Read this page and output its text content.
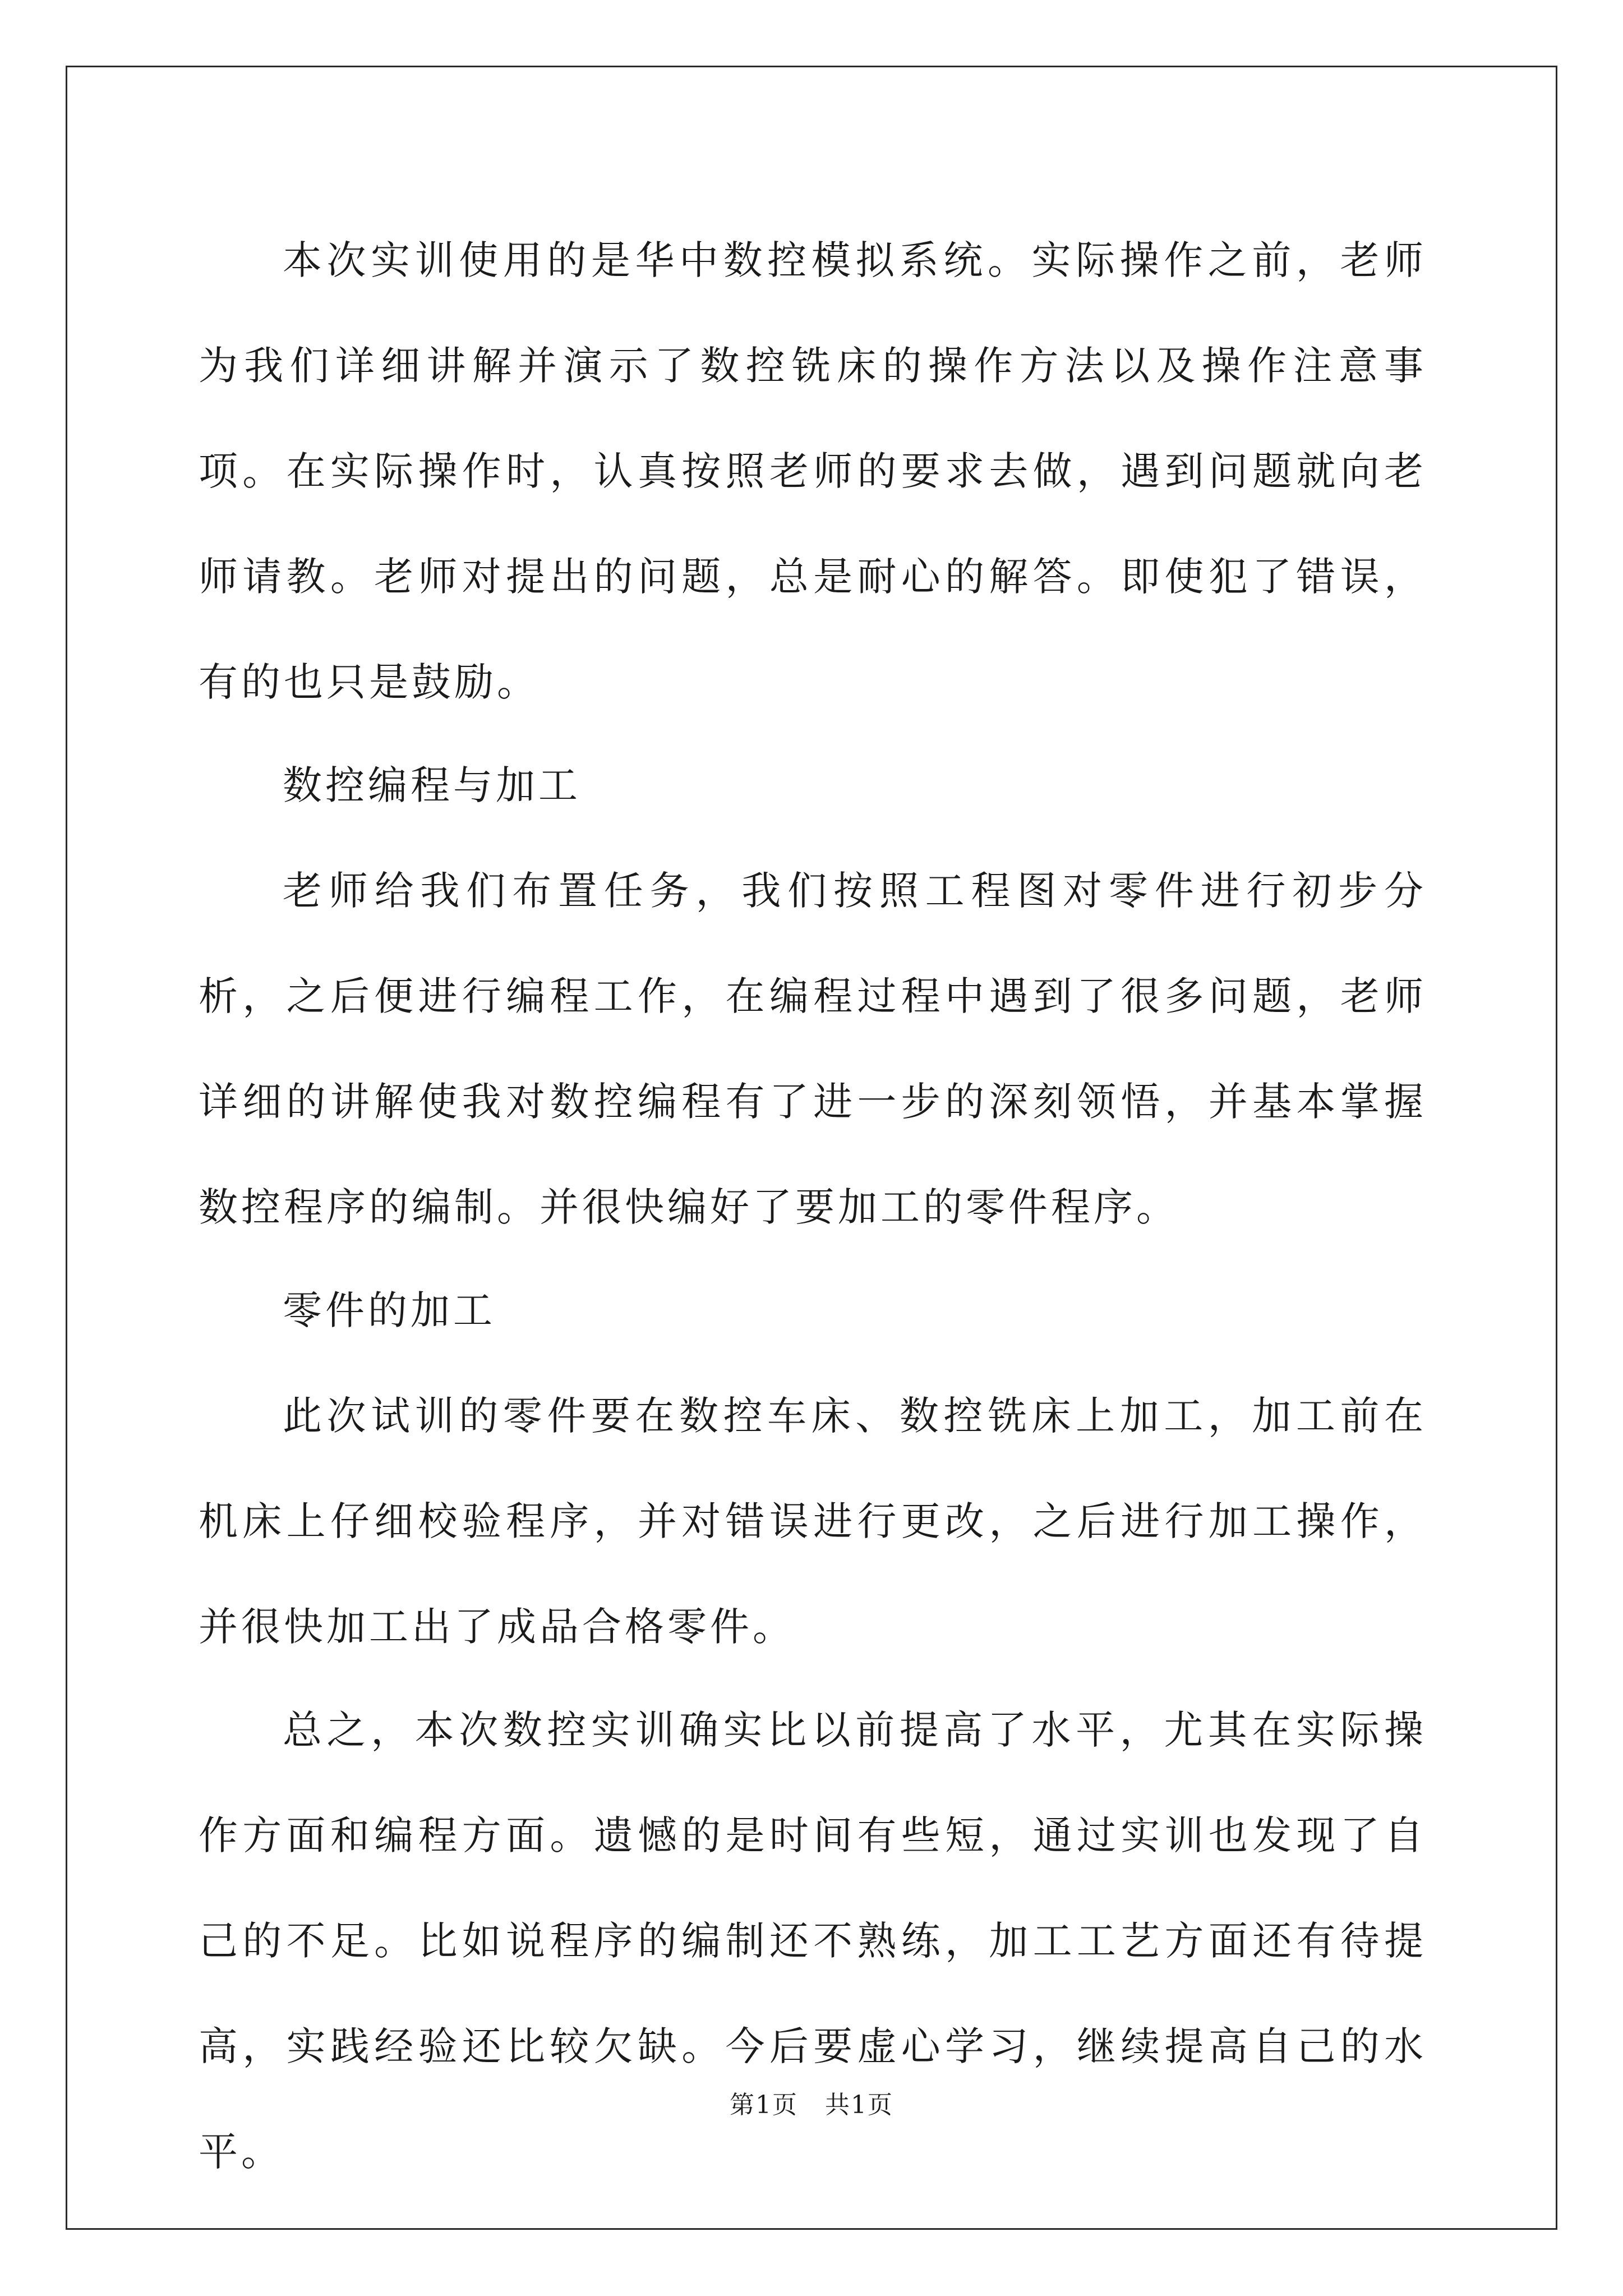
本次实训使用的是华中数控模拟系统。实际操作之前，老师为我们详细讲解并演示了数控铣床的操作方法以及操作注意事项。在实际操作时，认真按照老师的要求去做，遇到问题就向老师请教。老师对提出的问题，总是耐心的解答。即使犯了错误，有的也只是鼓励。

数控编程与加工

老师给我们布置任务，我们按照工程图对零件进行初步分析，之后便进行编程工作，在编程过程中遇到了很多问题，老师详细的讲解使我对数控编程有了进一步的深刻领悟，并基本掌握数控程序的编制。并很快编好了要加工的零件程序。

零件的加工

此次试训的零件要在数控车床、数控铣床上加工，加工前在机床上仔细校验程序，并对错误进行更改，之后进行加工操作，并很快加工出了成品合格零件。

总之，本次数控实训确实比以前提高了水平，尤其在实际操作方面和编程方面。遗憾的是时间有些短，通过实训也发现了自己的不足。比如说程序的编制还不熟练，加工工艺方面还有待提高，实践经验还比较欠缺。今后要虚心学习，继续提高自己的水平。

第1页 共1页
